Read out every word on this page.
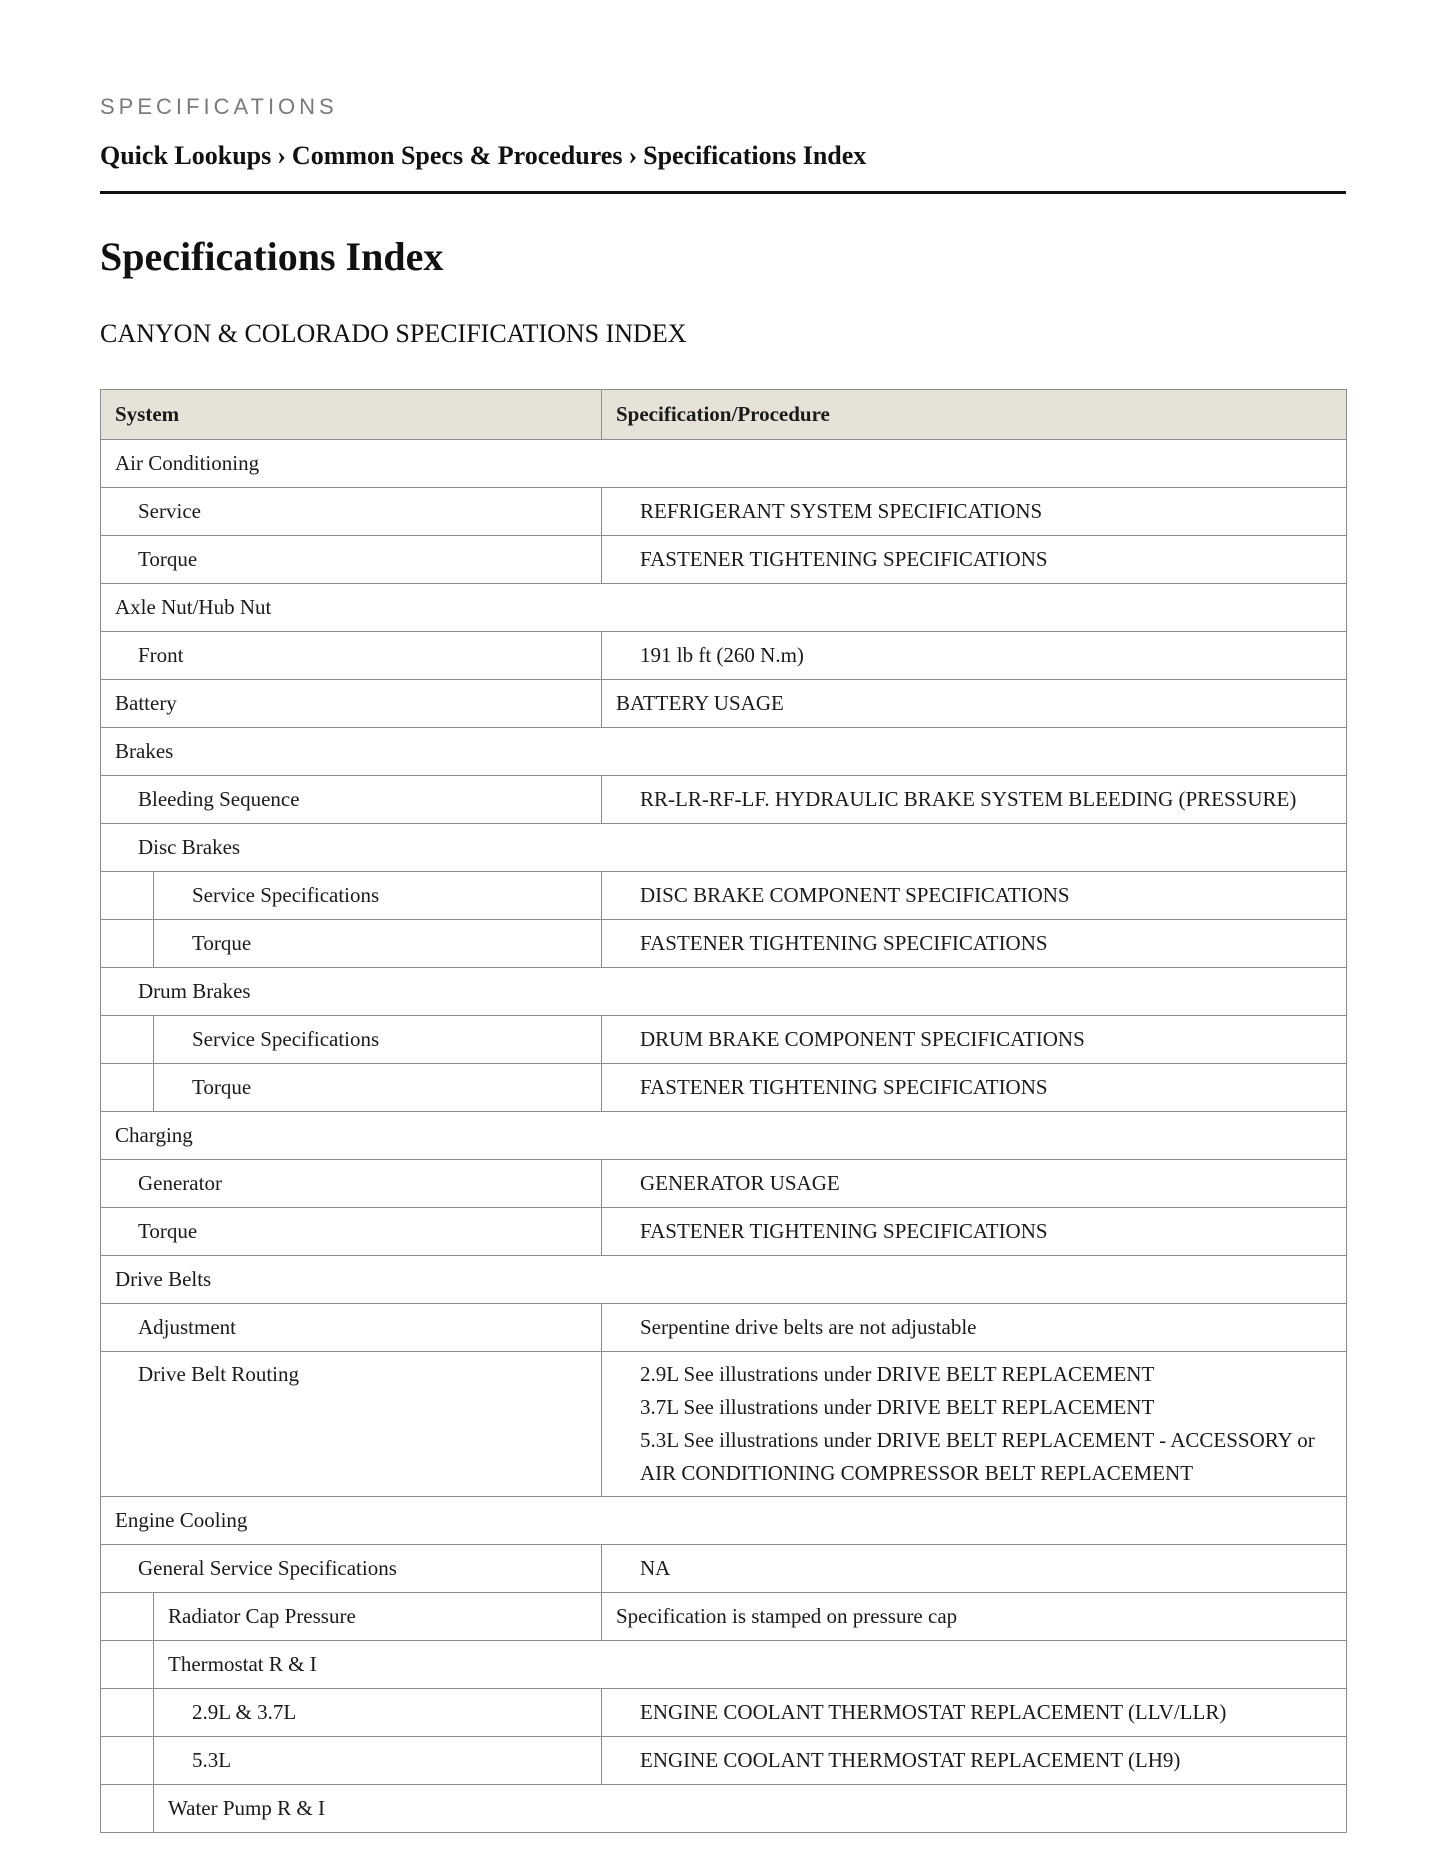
SPECIFICATIONS

Quick Lookups › Common Specs & Procedures › Specifications Index
Specifications Index

CANYON & COLORADO SPECIFICATIONS INDEX

System	Specification/Procedure
Air Conditioning	
Service	REFRIGERANT SYSTEM SPECIFICATIONS
Torque	FASTENER TIGHTENING SPECIFICATIONS
Axle Nut/Hub Nut	
Front	191 lb ft (260 N.m)
Battery	BATTERY USAGE
Brakes	
Bleeding Sequence	RR-LR-RF-LF. HYDRAULIC BRAKE SYSTEM BLEEDING (PRESSURE)
Disc Brakes	

Service Specifications	DISC BRAKE COMPONENT SPECIFICATIONS

Torque	FASTENER TIGHTENING SPECIFICATIONS
Drum Brakes	

Service Specifications	DRUM BRAKE COMPONENT SPECIFICATIONS

Torque	FASTENER TIGHTENING SPECIFICATIONS
Charging	
Generator	GENERATOR USAGE
Torque	FASTENER TIGHTENING SPECIFICATIONS
Drive Belts	
Adjustment	Serpentine drive belts are not adjustable
Drive Belt Routing	2.9L See illustrations under DRIVE BELT REPLACEMENT
3.7L See illustrations under DRIVE BELT REPLACEMENT
5.3L See illustrations under DRIVE BELT REPLACEMENT - ACCESSORY or
AIR CONDITIONING COMPRESSOR BELT REPLACEMENT

Engine Cooling	
General Service Specifications	NA

Radiator Cap Pressure	Specification is stamped on pressure cap

Thermostat R & I	

2.9L & 3.7L	ENGINE COOLANT THERMOSTAT REPLACEMENT (LLV/LLR)

5.3L	ENGINE COOLANT THERMOSTAT REPLACEMENT (LH9)

Water Pump R & I	
